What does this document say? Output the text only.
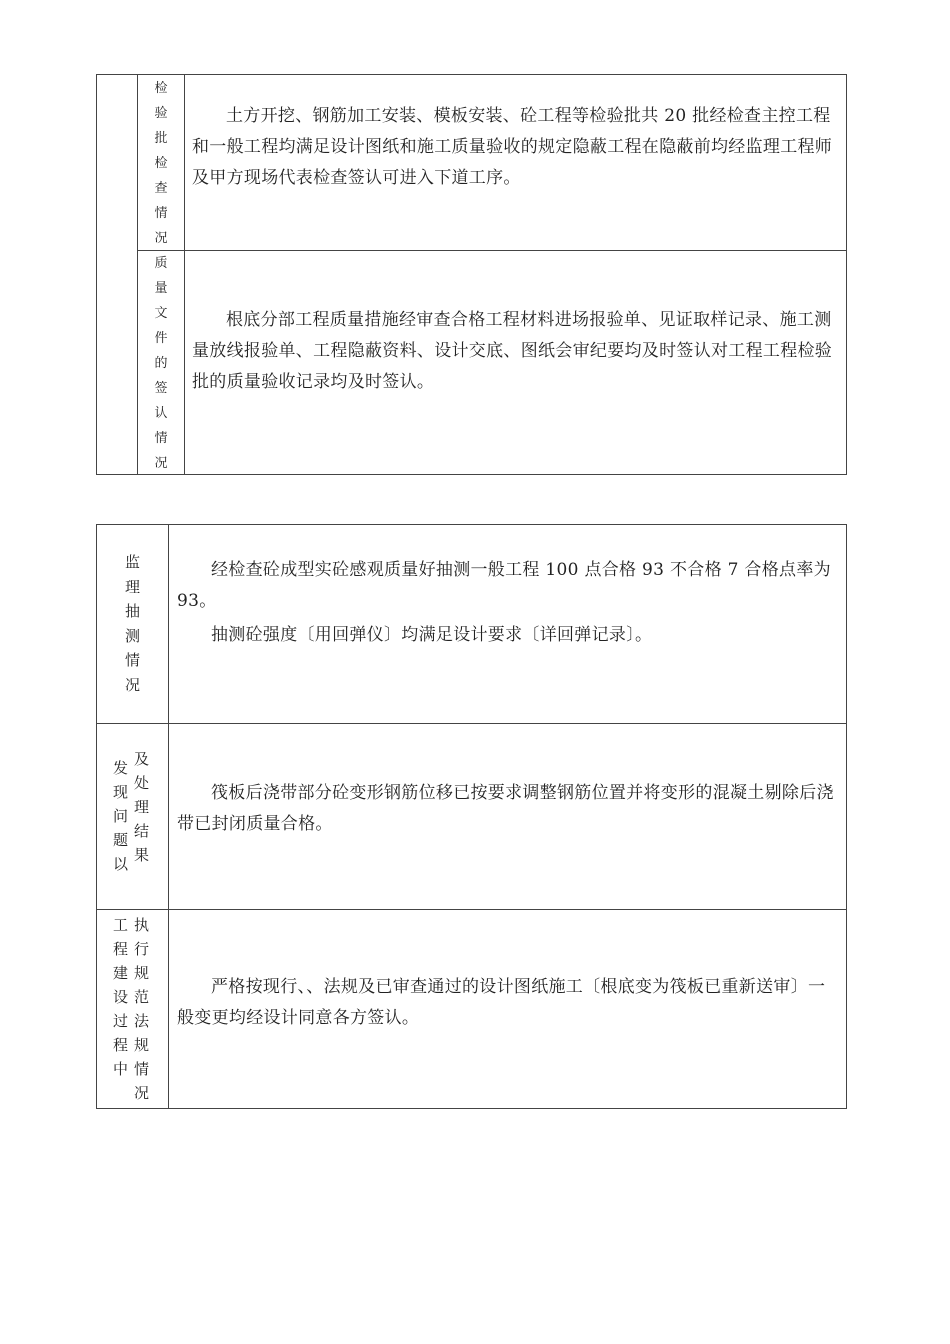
检
验
批
检
查
情
况

土方开挖、钢筋加工安装、模板安装、砼工程等检验批共 20 批经检查主控工程和一般工程均满足设计图纸和施工质量验收的规定隐蔽工程在隐蔽前均经监理工程师及甲方现场代表检查签认可进入下道工序。

质
量
文
件
的
签
认
情
况

根底分部工程质量措施经审查合格工程材料进场报验单、见证取样记录、施工测量放线报验单、工程隐蔽资料、设计交底、图纸会审纪要均及时签认对工程工程检验批的质量验收记录均及时签认。

监
理
抽
测
情
况

经检查砼成型实砼感观质量好抽测一般工程 100 点合格 93 不合格 7 合格点率为 93。

抽测砼强度〔用回弹仪〕均满足设计要求〔详回弹记录〕。

发
现
问
题
以
及
处
理
结
果

筏板后浇带部分砼变形钢筋位移已按要求调整钢筋位置并将变形的混凝土剔除后浇带已封闭质量合格。

工
程
建
设
过
程
中
执
行
规
范
法
规
情
况

严格按现行、、法规及已审查通过的设计图纸施工〔根底变为筏板已重新送审〕一般变更均经设计同意各方签认。
